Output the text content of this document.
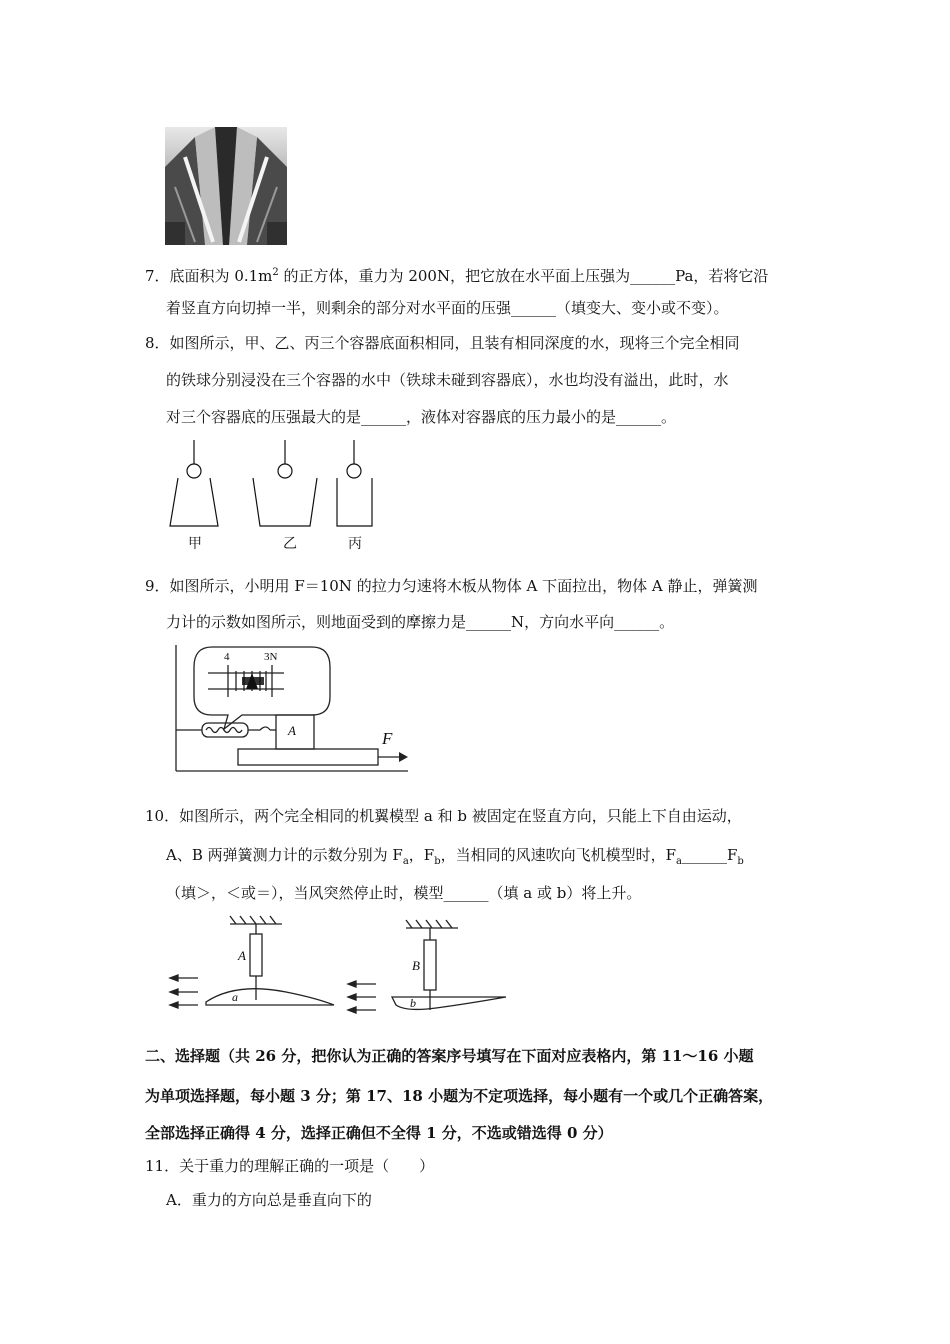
7．底面积为 $0.1m^2$ 的正方体，重力为 200N，把它放在水平面上压强为______Pa，若将它沿
着竖直方向切掉一半，则剩余的部分对水平面的压强______（填变大、变小或不变）。
8．如图所示，甲、乙、丙三个容器底面积相同，且装有相同深度的水，现将三个完全相同
的铁球分别浸没在三个容器的水中（铁球未碰到容器底），水也均没有溢出，此时，水
对三个容器底的压强最大的是______，液体对容器底的压力最小的是______。
甲	乙	丙
9．如图所示，小明用 F＝10N 的拉力匀速将木板从物体 A 下面拉出，物体 A 静止，弹簧测
力计的示数如图所示，则地面受到的摩擦力是______N，方向水平向______。
4	3N
A	F
10．如图所示，两个完全相同的机翼模型 a 和 b 被固定在竖直方向，只能上下自由运动，
A、B 两弹簧测力计的示数分别为 $F_a$，$F_b$，当相同的风速吹向飞机模型时，$F_a\_\_\_\_\_\_F_b$
（填＞，＜或＝），当风突然停止时，模型______（填 a 或 b）将上升。
A
B
a	b
二、选择题（共 26 分，把你认为正确的答案序号填写在下面对应表格内，第 11～16 小题
为单项选择题，每小题 3 分；第 17、18 小题为不定项选择，每小题有一个或几个正确答案，
全部选择正确得 4 分，选择正确但不全得 1 分，不选或错选得 0 分）
11．关于重力的理解正确的一项是（　　）
A．重力的方向总是垂直向下的
